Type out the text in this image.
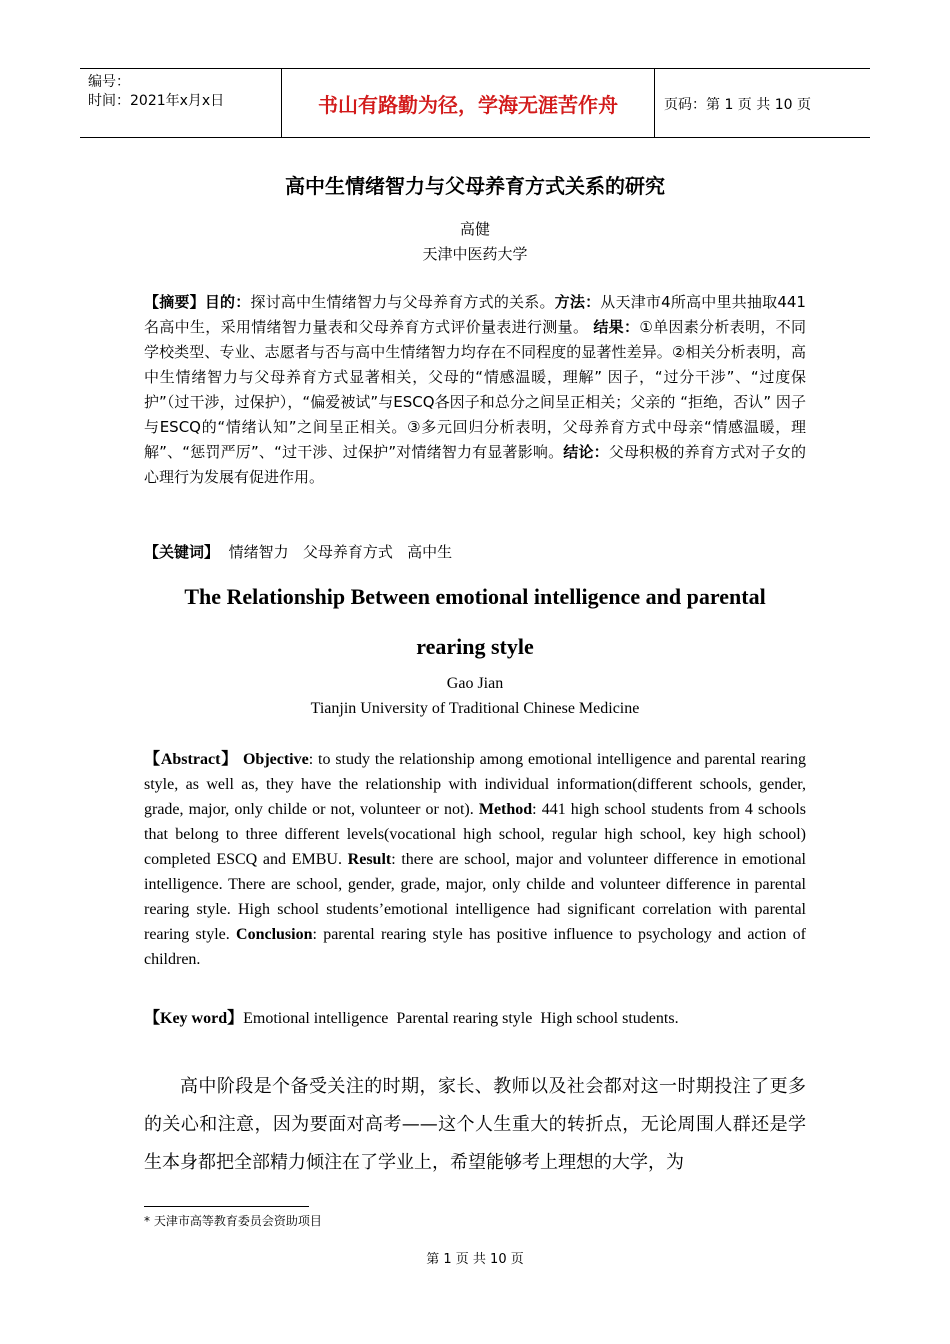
编号：
时间：2021年x月x日	书山有路勤为径，学海无涯苦作舟	页码：第 1 页 共 10 页
高中生情绪智力与父母养育方式关系的研究
高健
天津中医药大学
【摘要】目的：探讨高中生情绪智力与父母养育方式的关系。方法：从天津市4所高中里共抽取441名高中生，采用情绪智力量表和父母养育方式评价量表进行测量。 结果：①单因素分析表明，不同学校类型、专业、志愿者与否与高中生情绪智力均存在不同程度的显著性差异。②相关分析表明，高中生情绪智力与父母养育方式显著相关，父母的“情感温暖，理解” 因子，“过分干涉”、“过度保护”（过干涉，过保护），“偏爱被试”与ESCQ各因子和总分之间呈正相关；父亲的 “拒绝，否认” 因子与ESCQ的“情绪认知”之间呈正相关。③多元回归分析表明，父母养育方式中母亲“情感温暖，理解”、“惩罚严厉”、“过干涉、过保护”对情绪智力有显著影响。结论：父母积极的养育方式对子女的心理行为发展有促进作用。
【关键词】 情绪智力   父母养育方式   高中生
The Relationship Between emotional intelligence and parental
rearing style
Gao Jian
Tianjin University of Traditional Chinese Medicine
【Abstract】 Objective: to study the relationship among emotional intelligence and parental rearing style, as well as, they have the relationship with individual information(different schools, gender, grade, major, only childe or not, volunteer or not). Method: 441 high school students from 4 schools that belong to three different levels(vocational high school, regular high school, key high school) completed ESCQ and EMBU. Result: there are school, major and volunteer difference in emotional intelligence. There are school, gender, grade, major, only childe and volunteer difference in parental rearing style. High school students’emotional intelligence had significant correlation with parental rearing style. Conclusion: parental rearing style has positive influence to psychology and action of children.
【Key word】Emotional intelligence  Parental rearing style  High school students.
高中阶段是个备受关注的时期，家长、教师以及社会都对这一时期投注了更多的关心和注意，因为要面对高考——这个人生重大的转折点，无论周围人群还是学生本身都把全部精力倾注在了学业上，希望能够考上理想的大学，为
* 天津市高等教育委员会资助项目
第 1 页 共 10 页
